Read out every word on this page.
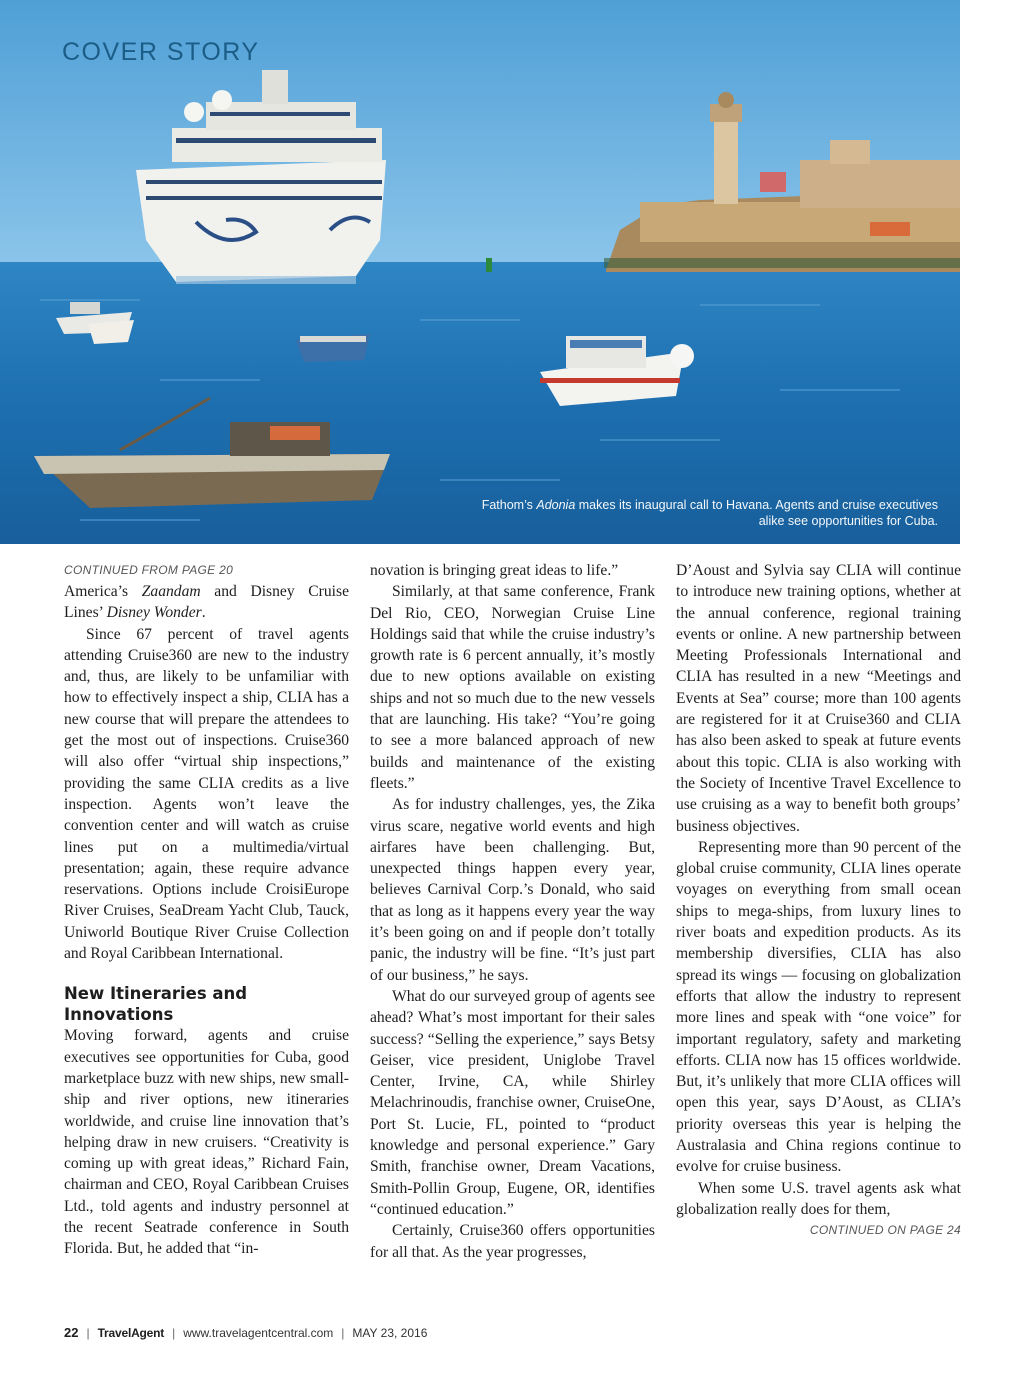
COVER STORY
Fathom’s Adonia makes its inaugural call to Havana. Agents and cruise executives alike see opportunities for Cuba.
CONTINUED FROM PAGE 20

America’s Zaandam and Disney Cruise Lines’ Disney Wonder.

Since 67 percent of travel agents attending Cruise360 are new to the industry and, thus, are likely to be unfamiliar with how to effectively inspect a ship, CLIA has a new course that will prepare the attendees to get the most out of inspections. Cruise360 will also offer “virtual ship inspections,” providing the same CLIA credits as a live inspection. Agents won’t leave the convention center and will watch as cruise lines put on a multimedia/virtual presentation; again, these require advance reservations. Options include CroisiEurope River Cruises, SeaDream Yacht Club, Tauck, Uniworld Boutique River Cruise Collection and Royal Caribbean International.

New Itineraries and Innovations

Moving forward, agents and cruise executives see opportunities for Cuba, good marketplace buzz with new ships, new small-ship and river options, new itineraries worldwide, and cruise line innovation that’s helping draw in new cruisers. “Creativity is coming up with great ideas,” Richard Fain, chairman and CEO, Royal Caribbean Cruises Ltd., told agents and industry personnel at the recent Seatrade conference in South Florida. But, he added that “in-

novation is bringing great ideas to life.”

Similarly, at that same conference, Frank Del Rio, CEO, Norwegian Cruise Line Holdings said that while the cruise industry’s growth rate is 6 percent annually, it’s mostly due to new options available on existing ships and not so much due to the new vessels that are launching. His take? “You’re going to see a more balanced approach of new builds and maintenance of the existing fleets.”

As for industry challenges, yes, the Zika virus scare, negative world events and high airfares have been challenging. But, unexpected things happen every year, believes Carnival Corp.’s Donald, who said that as long as it happens every year the way it’s been going on and if people don’t totally panic, the industry will be fine. “It’s just part of our business,” he says.

What do our surveyed group of agents see ahead? What’s most important for their sales success? “Selling the experience,” says Betsy Geiser, vice president, Uniglobe Travel Center, Irvine, CA, while Shirley Melachrinoudis, franchise owner, CruiseOne, Port St. Lucie, FL, pointed to “product knowledge and personal experience.” Gary Smith, franchise owner, Dream Vacations, Smith-Pollin Group, Eugene, OR, identifies “continued education.”

Certainly, Cruise360 offers opportunities for all that. As the year progresses,

D’Aoust and Sylvia say CLIA will continue to introduce new training options, whether at the annual conference, regional training events or online. A new partnership between Meeting Professionals International and CLIA has resulted in a new “Meetings and Events at Sea” course; more than 100 agents are registered for it at Cruise360 and CLIA has also been asked to speak at future events about this topic. CLIA is also working with the Society of Incentive Travel Excellence to use cruising as a way to benefit both groups’ business objectives.

Representing more than 90 percent of the global cruise community, CLIA lines operate voyages on everything from small ocean ships to mega-ships, from luxury lines to river boats and expedition products. As its membership diversifies, CLIA has also spread its wings — focusing on globalization efforts that allow the industry to represent more lines and speak with “one voice” for important regulatory, safety and marketing efforts. CLIA now has 15 offices worldwide. But, it’s unlikely that more CLIA offices will open this year, says D’Aoust, as CLIA’s priority overseas this year is helping the Australasia and China regions continue to evolve for cruise business.

When some U.S. travel agents ask what globalization really does for them,

CONTINUED ON PAGE 24
22 | TravelAgent | www.travelagentcentral.com | MAY 23, 2016
